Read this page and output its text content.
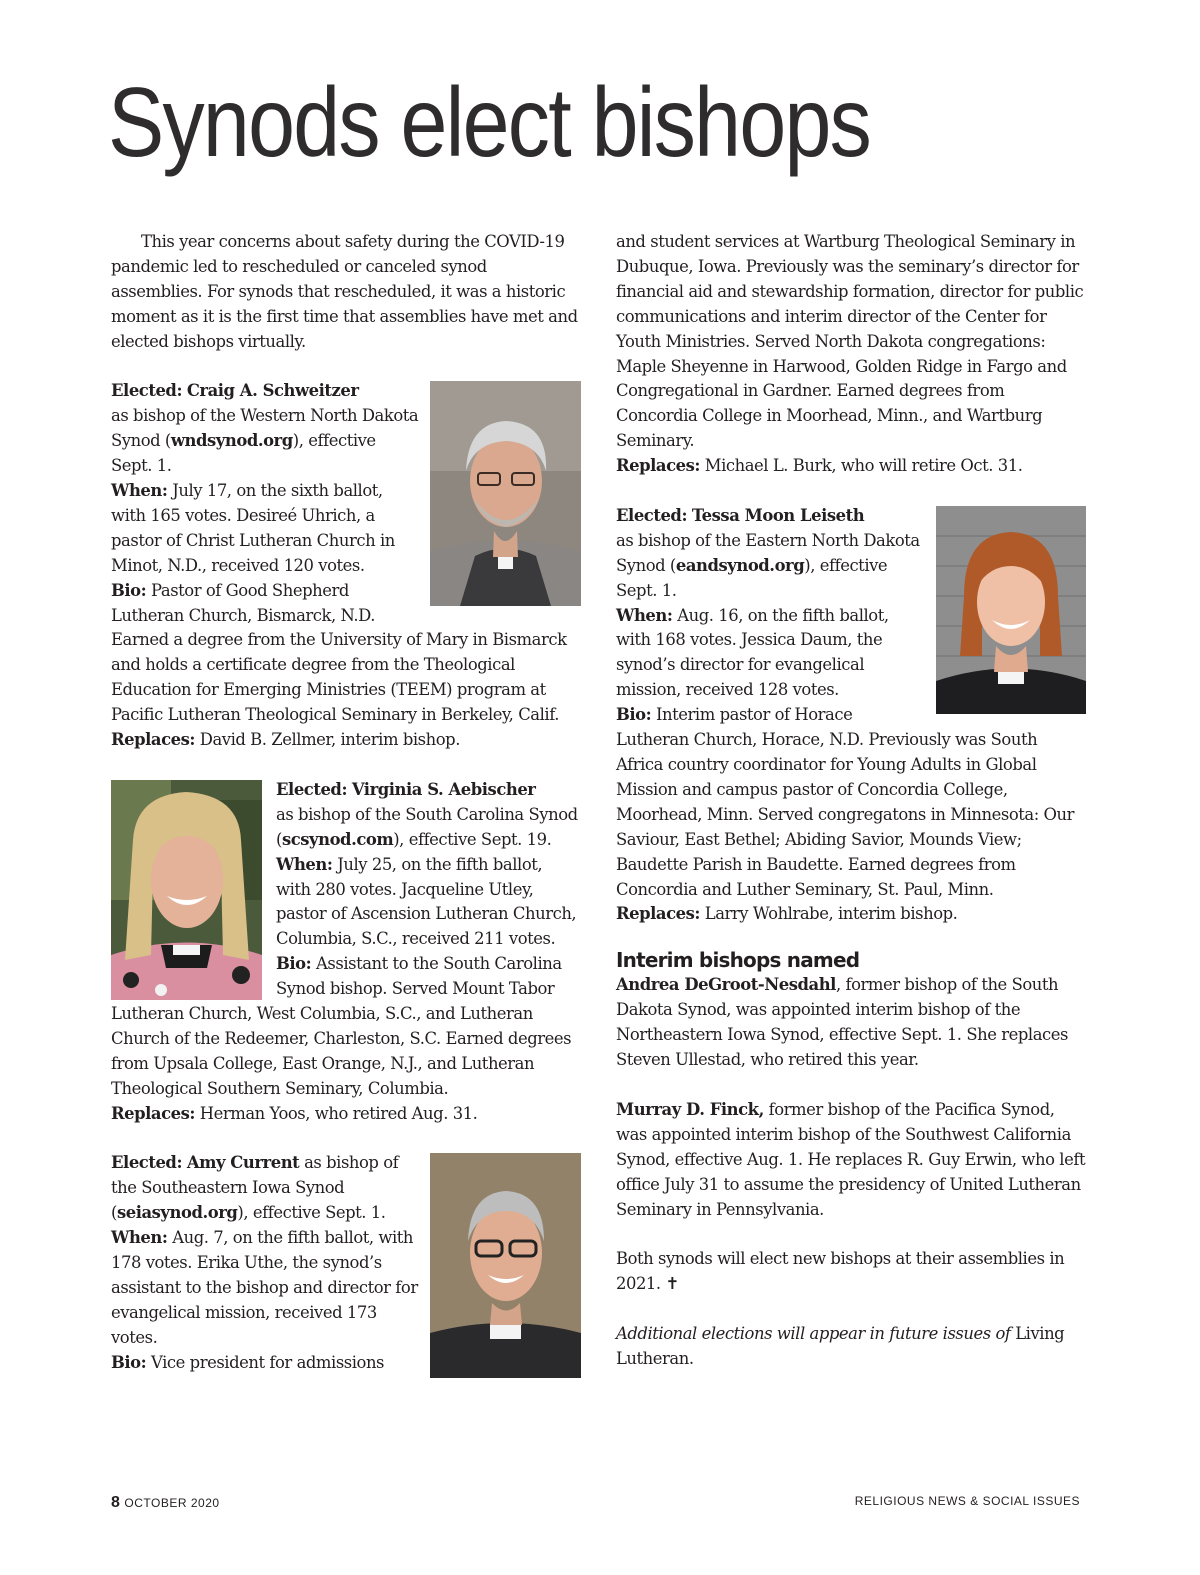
Synods elect bishops

This year concerns about safety during the COVID-19 pandemic led to rescheduled or canceled synod assemblies. For synods that rescheduled, it was a historic moment as it is the first time that assemblies have met and elected bishops virtually.

Elected: Craig A. Schweitzer
as bishop of the Western North Dakota Synod (wndsynod.org), effective Sept. 1.

When: July 17, on the sixth ballot, with 165 votes. Desireé Uhrich, a pastor of Christ Lutheran Church in Minot, N.D., received 120 votes.

Bio: Pastor of Good Shepherd Lutheran Church, Bismarck, N.D. Earned a degree from the University of Mary in Bismarck and holds a certificate degree from the Theological Education for Emerging Ministries (TEEM) program at Pacific Lutheran Theological Seminary in Berkeley, Calif.

Replaces: David B. Zellmer, interim bishop.

Elected: Virginia S. Aebischer
as bishop of the South Carolina Synod (scsynod.com), effective Sept. 19.

When: July 25, on the fifth ballot, with 280 votes. Jacqueline Utley, pastor of Ascension Lutheran Church, Columbia, S.C., received 211 votes.

Bio: Assistant to the South Carolina Synod bishop. Served Mount Tabor Lutheran Church, West Columbia, S.C., and Lutheran Church of the Redeemer, Charleston, S.C. Earned degrees from Upsala College, East Orange, N.J., and Lutheran Theological Southern Seminary, Columbia.

Replaces: Herman Yoos, who retired Aug. 31.

Elected: Amy Current as bishop of the Southeastern Iowa Synod (seiasynod.org), effective Sept. 1.

When: Aug. 7, on the fifth ballot, with 178 votes. Erika Uthe, the synod’s assistant to the bishop and director for evangelical mission, received 173 votes.

Bio: Vice president for admissions

and student services at Wartburg Theological Seminary in Dubuque, Iowa. Previously was the seminary’s director for financial aid and stewardship formation, director for public communications and interim director of the Center for Youth Ministries. Served North Dakota congregations: Maple Sheyenne in Harwood, Golden Ridge in Fargo and Congregational in Gardner. Earned degrees from Concordia College in Moorhead, Minn., and Wartburg Seminary.

Replaces: Michael L. Burk, who will retire Oct. 31.

Elected: Tessa Moon Leiseth
as bishop of the Eastern North Dakota Synod (eandsynod.org), effective Sept. 1.

When: Aug. 16, on the fifth ballot, with 168 votes. Jessica Daum, the synod’s director for evangelical mission, received 128 votes.

Bio: Interim pastor of Horace Lutheran Church, Horace, N.D. Previously was South Africa country coordinator for Young Adults in Global Mission and campus pastor of Concordia College, Moorhead, Minn. Served congregatons in Minnesota: Our Saviour, East Bethel; Abiding Savior, Mounds View; Baudette Parish in Baudette. Earned degrees from Concordia and Luther Seminary, St. Paul, Minn.

Replaces: Larry Wohlrabe, interim bishop.

Interim bishops named

Andrea DeGroot-Nesdahl, former bishop of the South Dakota Synod, was appointed interim bishop of the Northeastern Iowa Synod, effective Sept. 1. She replaces Steven Ullestad, who retired this year.

Murray D. Finck, former bishop of the Pacifica Synod, was appointed interim bishop of the Southwest California Synod, effective Aug. 1. He replaces R. Guy Erwin, who left office July 31 to assume the presidency of United Lutheran Seminary in Pennsylvania.

Both synods will elect new bishops at their assemblies in 2021. ✝

Additional elections will appear in future issues of Living Lutheran.

8 OCTOBER 2020	RELIGIOUS NEWS & SOCIAL ISSUES
